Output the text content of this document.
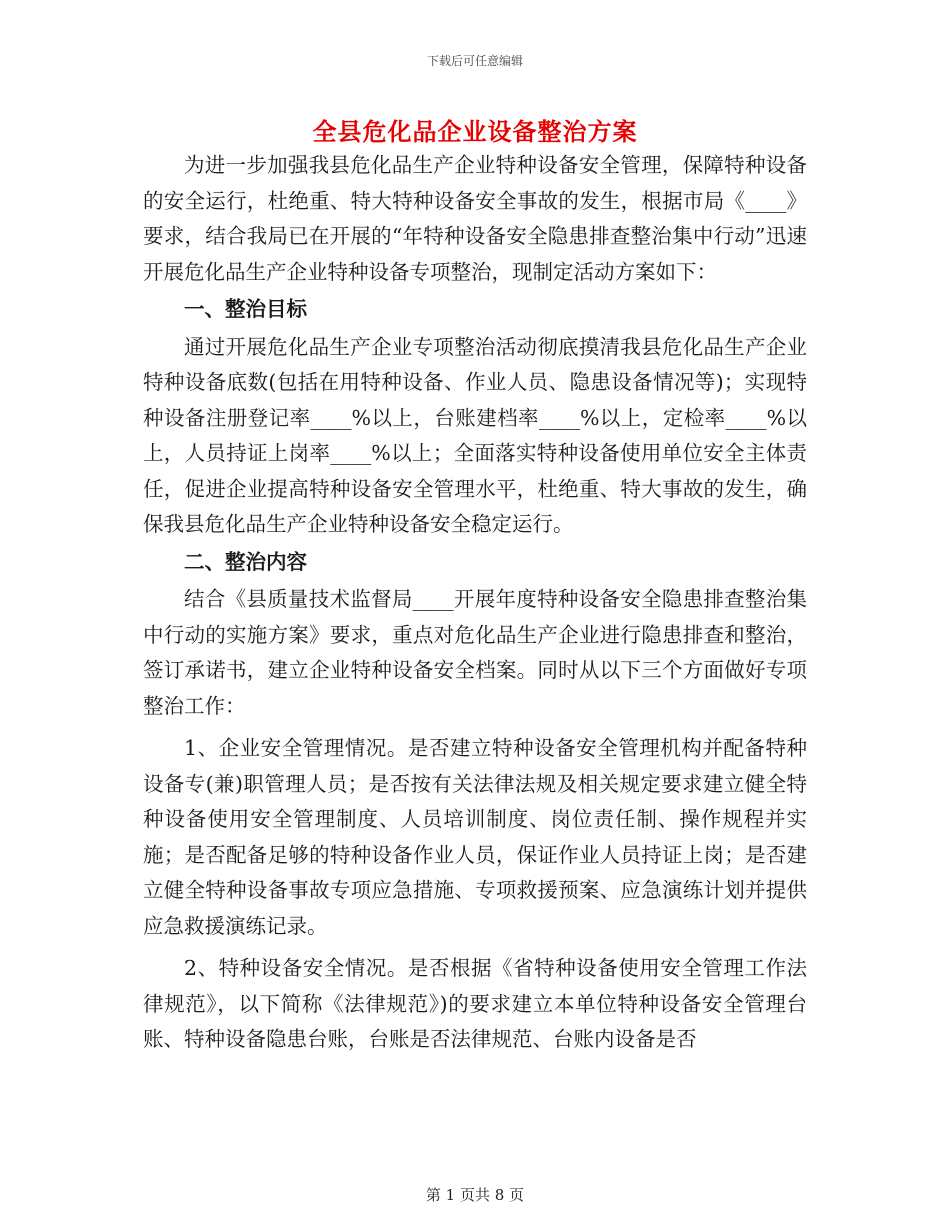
下载后可任意编辑
全县危化品企业设备整治方案

为进一步加强我县危化品生产企业特种设备安全管理，保障特种设备的安全运行，杜绝重、特大特种设备安全事故的发生，根据市局《____》要求，结合我局已在开展的“年特种设备安全隐患排查整治集中行动”迅速开展危化品生产企业特种设备专项整治，现制定活动方案如下：

一、整治目标

通过开展危化品生产企业专项整治活动彻底摸清我县危化品生产企业特种设备底数(包括在用特种设备、作业人员、隐患设备情况等)；实现特种设备注册登记率____%以上，台账建档率____%以上，定检率____%以上，人员持证上岗率____%以上；全面落实特种设备使用单位安全主体责任，促进企业提高特种设备安全管理水平，杜绝重、特大事故的发生，确保我县危化品生产企业特种设备安全稳定运行。

二、整治内容

结合《县质量技术监督局____开展年度特种设备安全隐患排查整治集中行动的实施方案》要求，重点对危化品生产企业进行隐患排查和整治，签订承诺书，建立企业特种设备安全档案。同时从以下三个方面做好专项整治工作：

1、企业安全管理情况。是否建立特种设备安全管理机构并配备特种设备专(兼)职管理人员；是否按有关法律法规及相关规定要求建立健全特种设备使用安全管理制度、人员培训制度、岗位责任制、操作规程并实施；是否配备足够的特种设备作业人员，保证作业人员持证上岗；是否建立健全特种设备事故专项应急措施、专项救援预案、应急演练计划并提供应急救援演练记录。

2、特种设备安全情况。是否根据《省特种设备使用安全管理工作法律规范》，以下简称《法律规范》)的要求建立本单位特种设备安全管理台账、特种设备隐患台账，台账是否法律规范、台账内设备是否

第 1 页共 8 页
